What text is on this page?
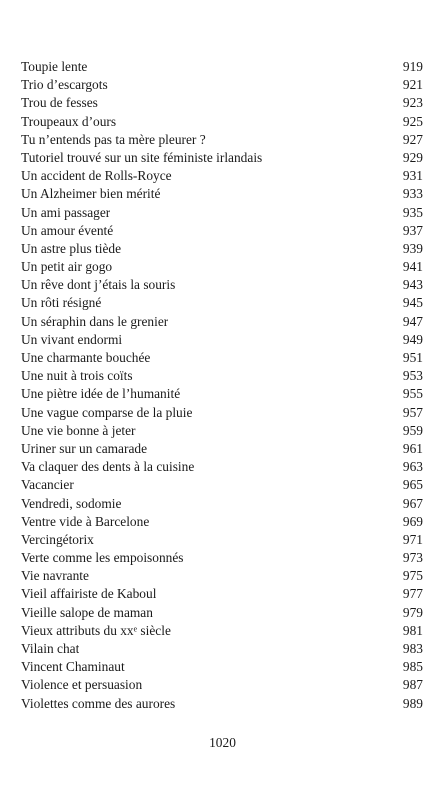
Toupie lente	919
Trio d’escargots	921
Trou de fesses	923
Troupeaux d’ours	925
Tu n’entends pas ta mère pleurer ?	927
Tutoriel trouvé sur un site féministe irlandais	929
Un accident de Rolls-Royce	931
Un Alzheimer bien mérité	933
Un ami passager	935
Un amour éventé	937
Un astre plus tiède	939
Un petit air gogo	941
Un rêve dont j’étais la souris	943
Un rôti résigné	945
Un séraphin dans le grenier	947
Un vivant endormi	949
Une charmante bouchée	951
Une nuit à trois coïts	953
Une piètre idée de l’humanité	955
Une vague comparse de la pluie	957
Une vie bonne à jeter	959
Uriner sur un camarade	961
Va claquer des dents à la cuisine	963
Vacancier	965
Vendredi, sodomie	967
Ventre vide à Barcelone	969
Vercingétorix	971
Verte comme les empoisonnés	973
Vie navrante	975
Vieil affairiste de Kaboul	977
Vieille salope de maman	979
Vieux attributs du xxᵉ siècle	981
Vilain chat	983
Vincent Chaminaut	985
Violence et persuasion	987
Violettes comme des aurores	989
1020
